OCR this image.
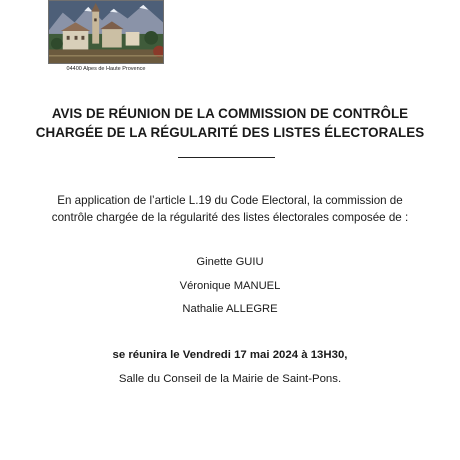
04400 Alpes de Haute Provence
AVIS DE RÉUNION DE LA COMMISSION DE CONTRÔLE
CHARGÉE DE LA RÉGULARITÉ DES LISTES ÉLECTORALES
En application de l’article L.19 du Code Electoral, la commission de
contrôle chargée de la régularité des listes électorales composée de :
Ginette GUIU
Véronique MANUEL
Nathalie ALLEGRE
se réunira le Vendredi 17 mai 2024 à 13H30,
Salle du Conseil de la Mairie de Saint-Pons.
